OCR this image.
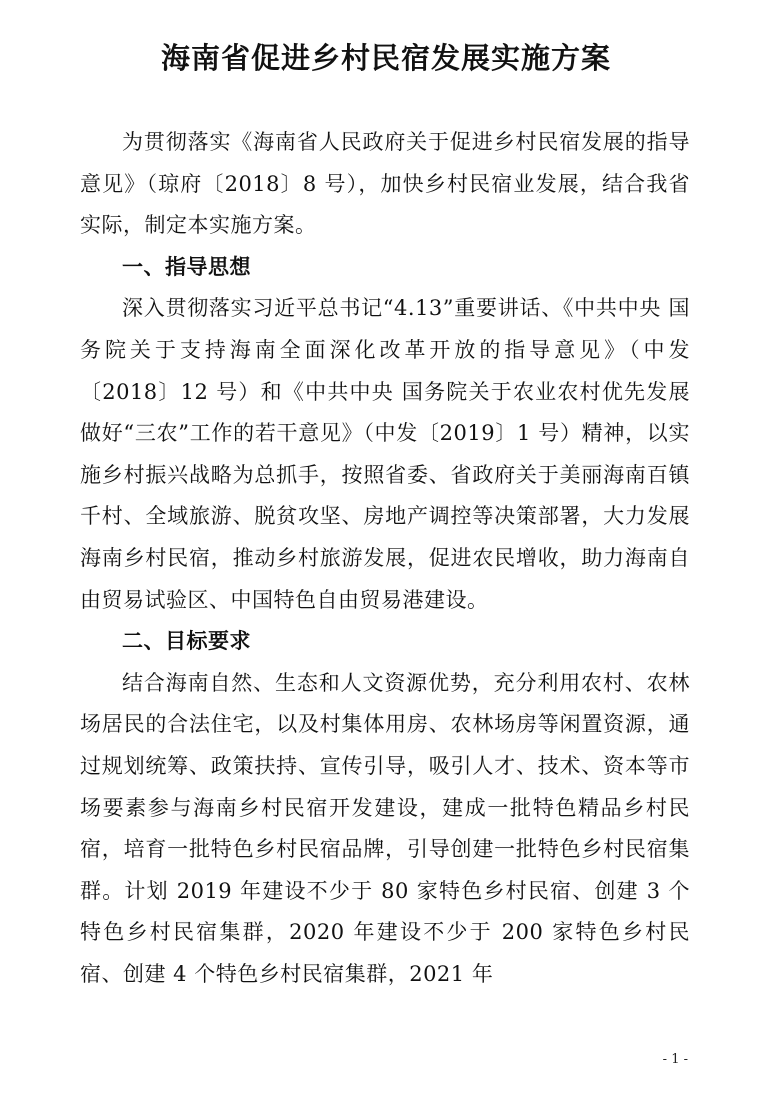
海南省促进乡村民宿发展实施方案

为贯彻落实《海南省人民政府关于促进乡村民宿发展的指导意见》（琼府〔2018〕8 号），加快乡村民宿业发展，结合我省实际，制定本实施方案。

一、指导思想

深入贯彻落实习近平总书记“4.13”重要讲话、《中共中央 国务院关于支持海南全面深化改革开放的指导意见》（中发〔2018〕12 号）和《中共中央 国务院关于农业农村优先发展做好“三农”工作的若干意见》（中发〔2019〕1 号）精神，以实施乡村振兴战略为总抓手，按照省委、省政府关于美丽海南百镇千村、全域旅游、脱贫攻坚、房地产调控等决策部署，大力发展海南乡村民宿，推动乡村旅游发展，促进农民增收，助力海南自由贸易试验区、中国特色自由贸易港建设。

二、目标要求

结合海南自然、生态和人文资源优势，充分利用农村、农林场居民的合法住宅，以及村集体用房、农林场房等闲置资源，通过规划统筹、政策扶持、宣传引导，吸引人才、技术、资本等市场要素参与海南乡村民宿开发建设，建成一批特色精品乡村民宿，培育一批特色乡村民宿品牌，引导创建一批特色乡村民宿集群。计划 2019 年建设不少于 80 家特色乡村民宿、创建 3 个特色乡村民宿集群，2020 年建设不少于 200 家特色乡村民宿、创建 4 个特色乡村民宿集群，2021 年

- 1 -
